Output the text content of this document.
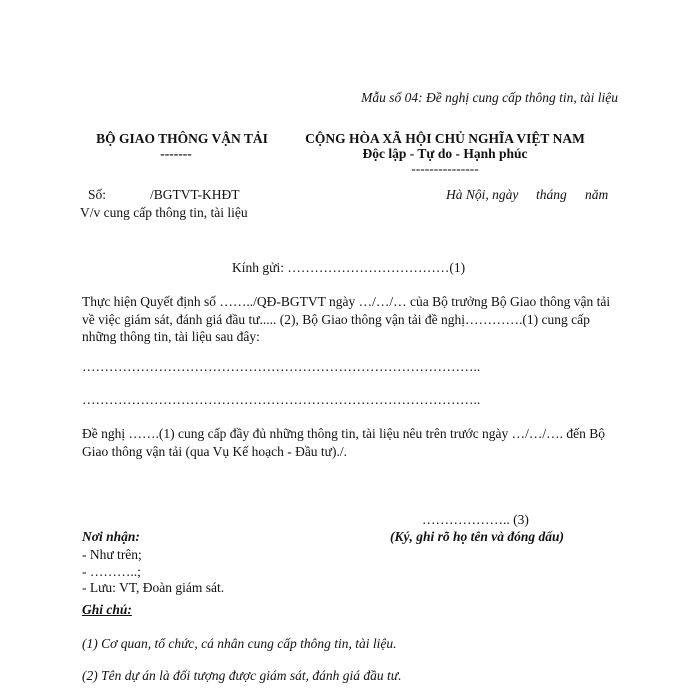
Mẫu số 04: Đề nghị cung cấp thông tin, tài liệu
BỘ GIAO THÔNG VẬN TẢI
-------
Số:	/BGTVT-KHĐT
V/v cung cấp thông tin, tài liệu
CỘNG HÒA XÃ HỘI CHỦ NGHĨA VIỆT NAM
Độc lập - Tự do - Hạnh phúc
---------------
Hà Nội, ngày tháng năm
Kính gửi: ………………………………(1)
Thực hiện Quyết định số ……../QĐ-BGTVT ngày …/…/… của Bộ trưởng Bộ Giao thông vận tải về việc giám sát, đánh giá đầu tư..... (2), Bộ Giao thông vận tải đề nghị………….(1) cung cấp những thông tin, tài liệu sau đây:
……………………………………………………………………………..
……………………………………………………………………………..
Đề nghị …….(1) cung cấp đầy đủ những thông tin, tài liệu nêu trên trước ngày …/…/…. đến Bộ Giao thông vận tải (qua Vụ Kế hoạch - Đầu tư)./.
……………….. (3)
(Ký, ghi rõ họ tên và đóng dấu)
Nơi nhận:
- Như trên;
- ………..;
- Lưu: VT, Đoàn giám sát.
Ghi chú:
(1) Cơ quan, tổ chức, cá nhân cung cấp thông tin, tài liệu.
(2) Tên dự án là đối tượng được giám sát, đánh giá đầu tư.
